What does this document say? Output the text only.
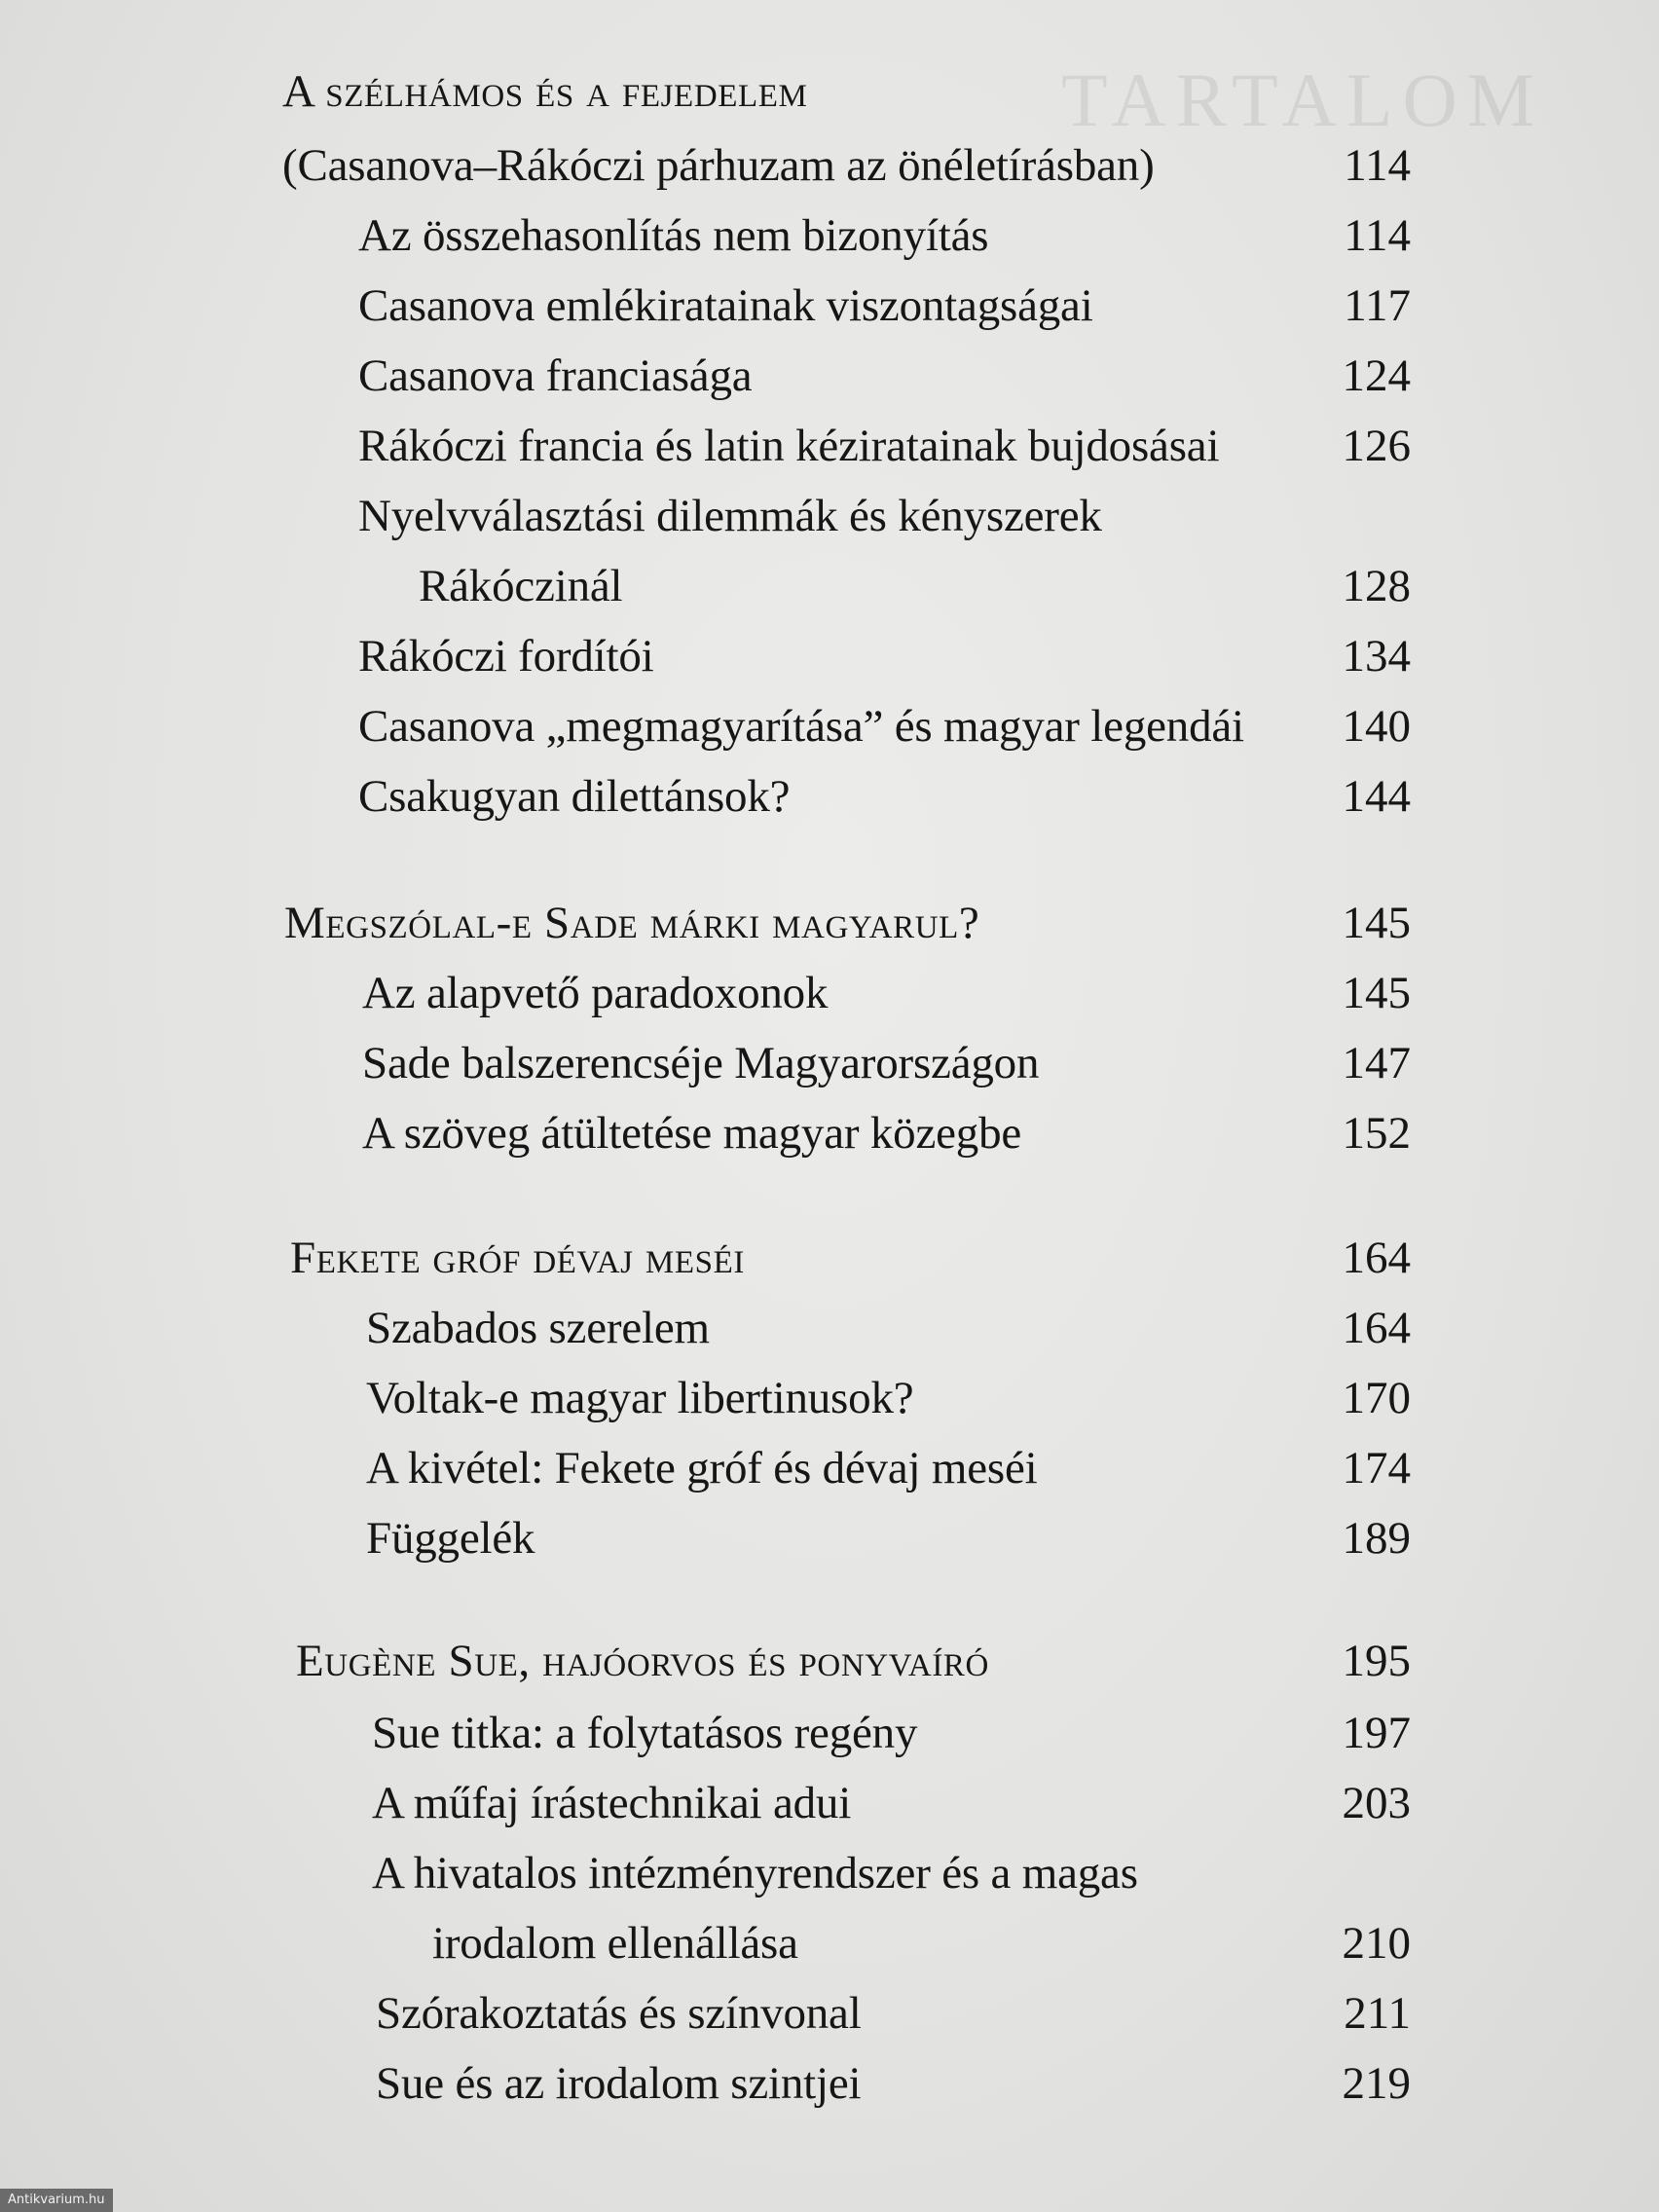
TARTALOM
A szélhámos és a fejedelem
(Casanova–Rákóczi párhuzam az önéletírásban)	114
Az összehasonlítás nem bizonyítás	114
Casanova emlékiratainak viszontagságai	117
Casanova franciasága	124
Rákóczi francia és latin kéziratainak bujdosásai	126
Nyelvválasztási dilemmák és kényszerek
Rákóczinál	128
Rákóczi fordítói	134
Casanova „megmagyarítása” és magyar legendái 140
Csakugyan dilettánsok?	144
Megszólal-e Sade márki magyarul?	145
Az alapvető paradoxonok	145
Sade balszerencséje Magyarországon	147
A szöveg átültetése magyar közegbe	152
Fekete gróf dévaj meséi	164
Szabados szerelem	164
Voltak-e magyar libertinusok?	170
A kivétel: Fekete gróf és dévaj meséi	174
Függelék	189
Eugène Sue, hajóorvos és ponyvaíró	195
Sue titka: a folytatásos regény	197
A műfaj írástechnikai adui	203
A hivatalos intézményrendszer és a magas
irodalom ellenállása	210
Szórakoztatás és színvonal	211
Sue és az irodalom szintjei	219
Antikvarium.hu
